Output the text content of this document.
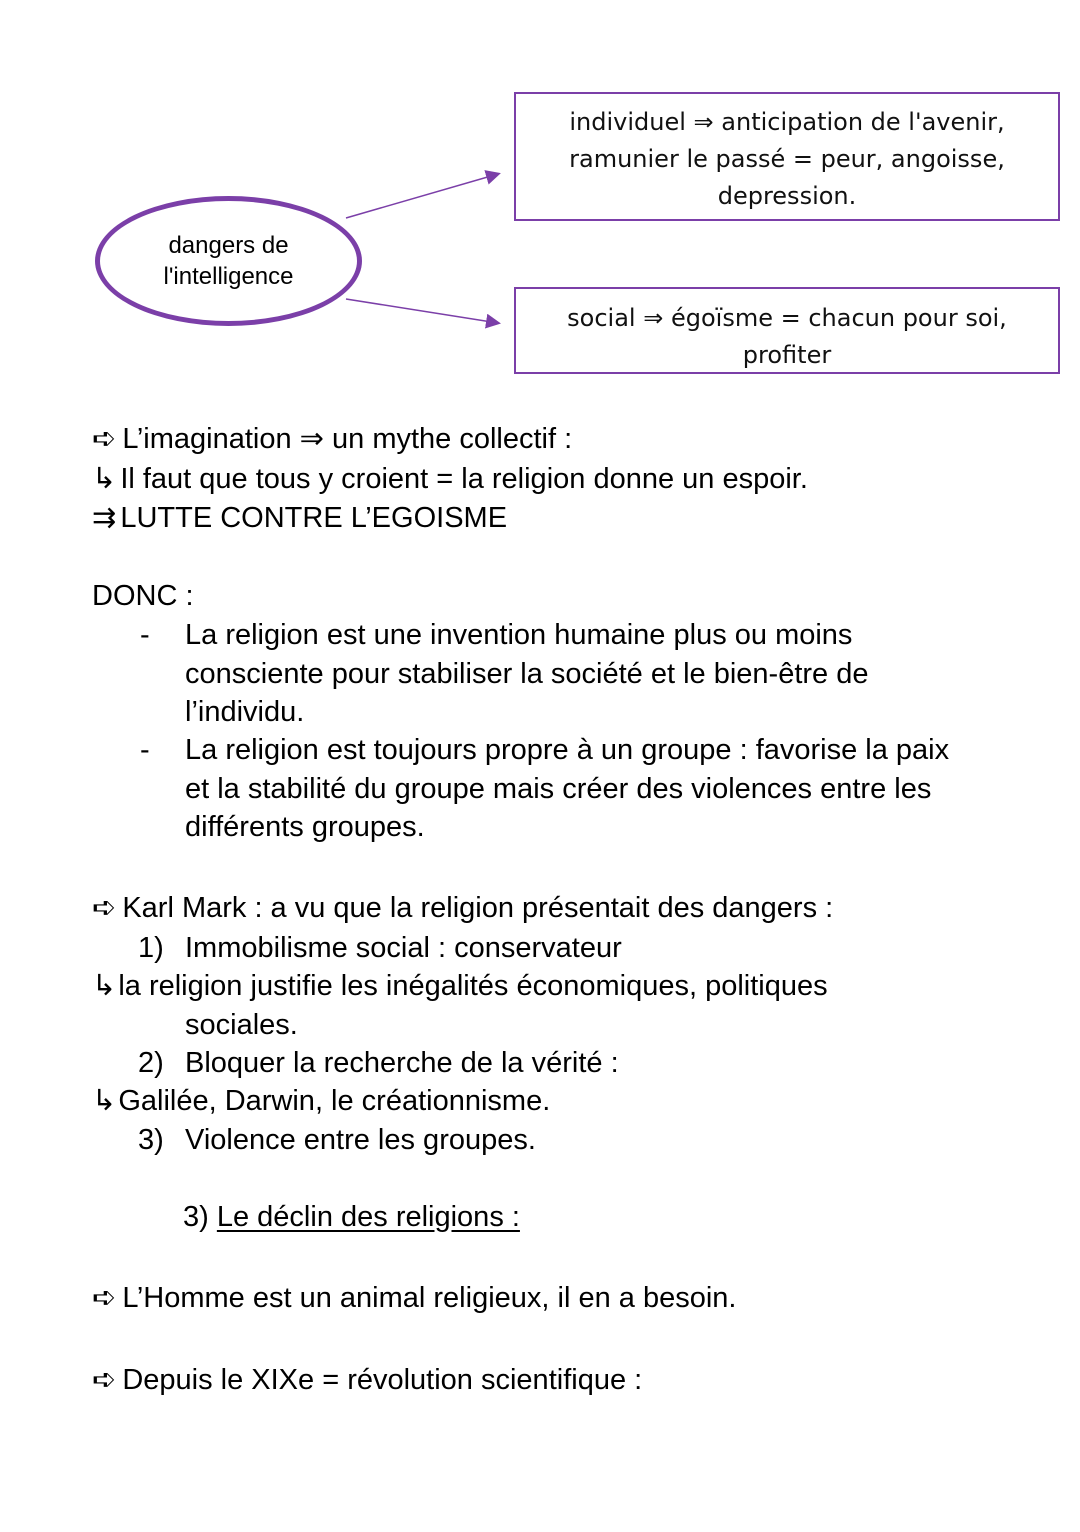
dangers de
l'intelligence
individuel ⇒ anticipation de l'avenir,
ramunier le passé = peur, angoisse,
depression.
social ⇒ égoïsme = chacun pour soi,
profiter
➪ L’imagination ⇒ un mythe collectif :
↳ Il faut que tous y croient = la religion donne un espoir.
⇉ LUTTE CONTRE L’EGOISME
DONC :
- La religion est une invention humaine plus ou moins consciente pour stabiliser la société et le bien-être de l’individu.
- La religion est toujours propre à un groupe : favorise la paix et la stabilité du groupe mais créer des violences entre les différents groupes.
➪ Karl Mark : a vu que la religion présentait des dangers :
1) Immobilisme social : conservateur
↳la religion justifie les inégalités économiques, politiques
sociales.
2) Bloquer la recherche de la vérité :
↳Galilée, Darwin, le créationnisme.
3) Violence entre les groupes.
3) Le déclin des religions :
➪ L’Homme est un animal religieux, il en a besoin.
➪ Depuis le XIXe = révolution scientifique :
